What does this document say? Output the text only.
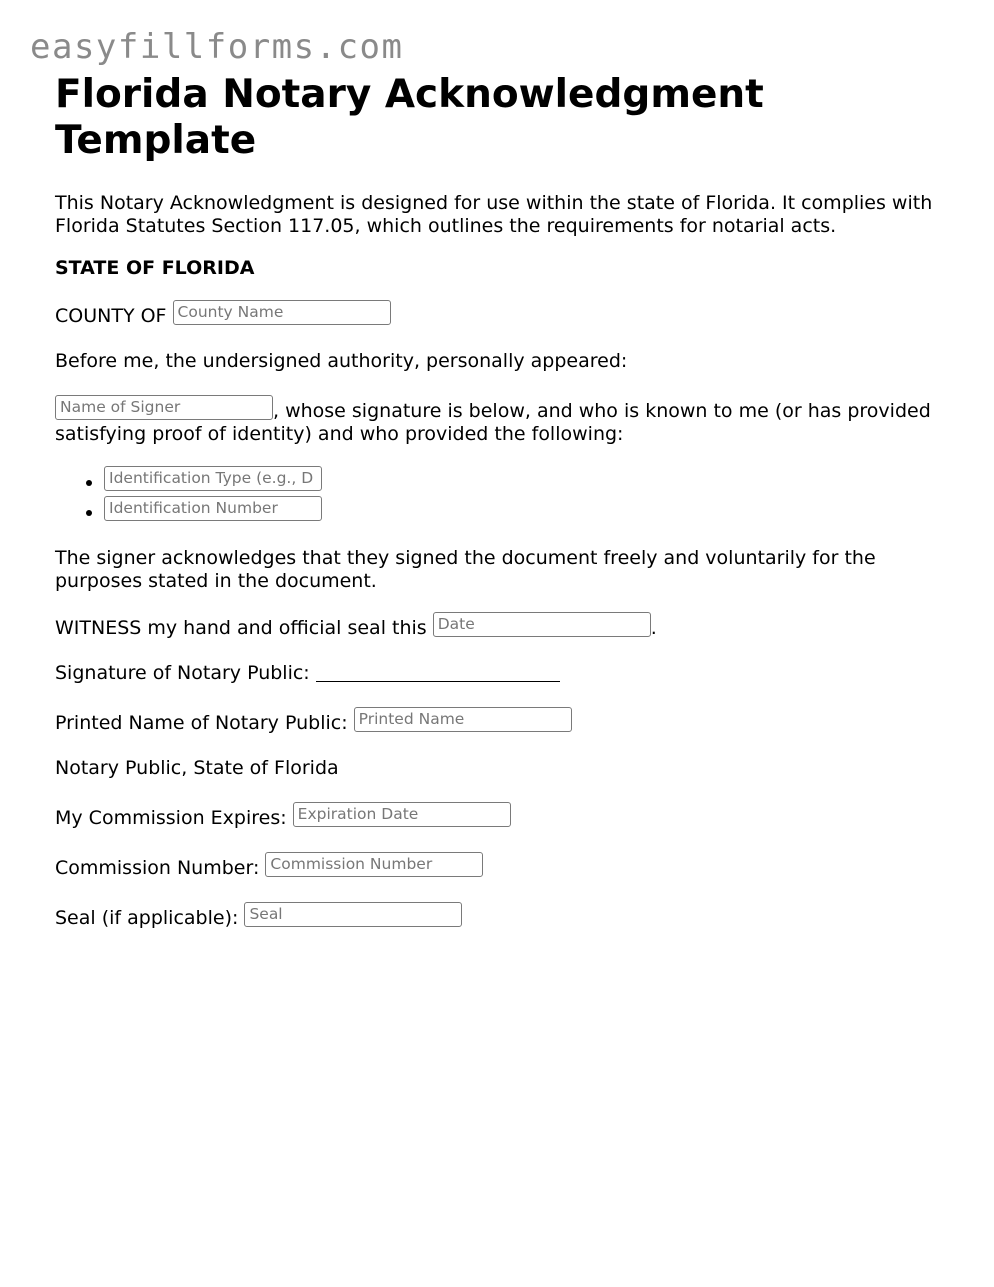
easyfillforms.com
Florida Notary Acknowledgment Template

This Notary Acknowledgment is designed for use within the state of Florida. It complies with Florida Statutes Section 117.05, which outlines the requirements for notarial acts.

STATE OF FLORIDA

COUNTY OF County Name

Before me, the undersigned authority, personally appeared:

Name of Signer	, whose signature is below, and who is known to me (or has provided satisfying proof of identity) and who provided the following:

• Identification Type (e.g., D
• Identification Number

The signer acknowledges that they signed the document freely and voluntarily for the purposes stated in the document.

WITNESS my hand and official seal this Date	.

Signature of Notary Public:

Printed Name of Notary Public: Printed Name

Notary Public, State of Florida

My Commission Expires: Expiration Date

Commission Number: Commission Number

Seal (if applicable): Seal
